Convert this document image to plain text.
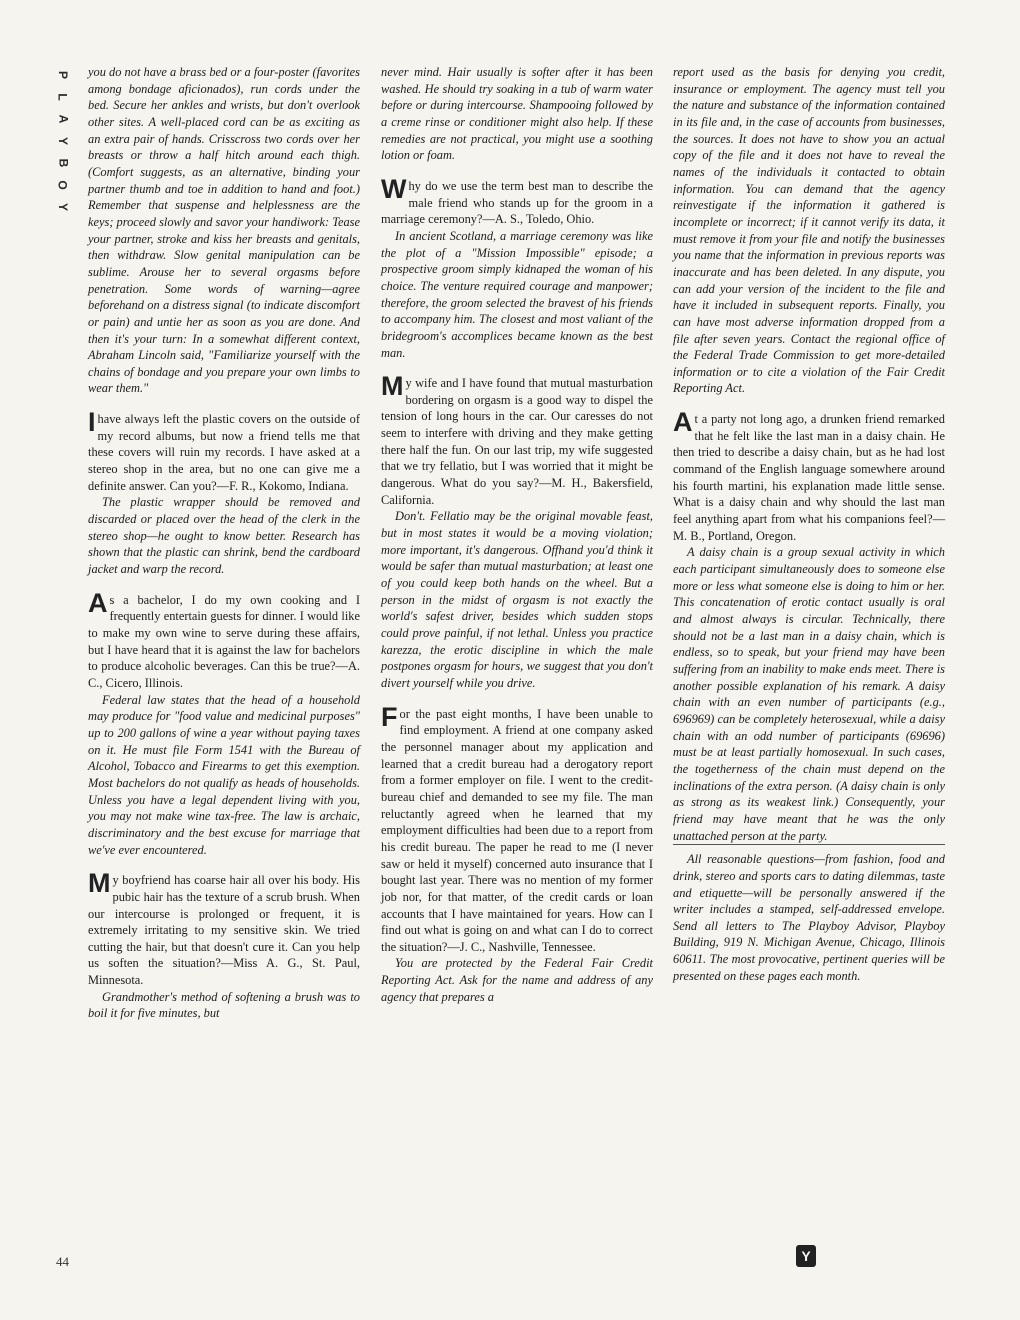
P
L
A
Y
B
O
Y
44

you do not have a brass bed or a four-poster (favorites among bondage aficionados), run cords under the bed. Secure her ankles and wrists, but don't overlook other sites. A well-placed cord can be as exciting as an extra pair of hands. Crisscross two cords over her breasts or throw a half hitch around each thigh. (Comfort suggests, as an alternative, binding your partner thumb and toe in addition to hand and foot.) Remember that suspense and helplessness are the keys; proceed slowly and savor your handiwork: Tease your partner, stroke and kiss her breasts and genitals, then withdraw. Slow genital manipulation can be sublime. Arouse her to several orgasms before penetration. Some words of warning—agree beforehand on a distress signal (to indicate discomfort or pain) and untie her as soon as you are done. And then it's your turn: In a somewhat different context, Abraham Lincoln said, "Familiarize yourself with the chains of bondage and you prepare your own limbs to wear them."

I have always left the plastic covers on the outside of my record albums, but now a friend tells me that these covers will ruin my records. I have asked at a stereo shop in the area, but no one can give me a definite answer. Can you?—F. R., Kokomo, Indiana.

The plastic wrapper should be removed and discarded or placed over the head of the clerk in the stereo shop—he ought to know better. Research has shown that the plastic can shrink, bend the cardboard jacket and warp the record.

As a bachelor, I do my own cooking and I frequently entertain guests for dinner. I would like to make my own wine to serve during these affairs, but I have heard that it is against the law for bachelors to produce alcoholic beverages. Can this be true?—A. C., Cicero, Illinois.

Federal law states that the head of a household may produce for "food value and medicinal purposes" up to 200 gallons of wine a year without paying taxes on it. He must file Form 1541 with the Bureau of Alcohol, Tobacco and Firearms to get this exemption. Most bachelors do not qualify as heads of households. Unless you have a legal dependent living with you, you may not make wine tax-free. The law is archaic, discriminatory and the best excuse for marriage that we've ever encountered.

My boyfriend has coarse hair all over his body. His pubic hair has the texture of a scrub brush. When our intercourse is prolonged or frequent, it is extremely irritating to my sensitive skin. We tried cutting the hair, but that doesn't cure it. Can you help us soften the situation?—Miss A. G., St. Paul, Minnesota.

Grandmother's method of softening a brush was to boil it for five minutes, but

never mind. Hair usually is softer after it has been washed. He should try soaking in a tub of warm water before or during intercourse. Shampooing followed by a creme rinse or conditioner might also help. If these remedies are not practical, you might use a soothing lotion or foam.

Why do we use the term best man to describe the male friend who stands up for the groom in a marriage ceremony?—A. S., Toledo, Ohio.

In ancient Scotland, a marriage ceremony was like the plot of a "Mission Impossible" episode; a prospective groom simply kidnaped the woman of his choice. The venture required courage and manpower; therefore, the groom selected the bravest of his friends to accompany him. The closest and most valiant of the bridegroom's accomplices became known as the best man.

My wife and I have found that mutual masturbation bordering on orgasm is a good way to dispel the tension of long hours in the car. Our caresses do not seem to interfere with driving and they make getting there half the fun. On our last trip, my wife suggested that we try fellatio, but I was worried that it might be dangerous. What do you say?—M. H., Bakersfield, California.

Don't. Fellatio may be the original movable feast, but in most states it would be a moving violation; more important, it's dangerous. Offhand you'd think it would be safer than mutual masturbation; at least one of you could keep both hands on the wheel. But a person in the midst of orgasm is not exactly the world's safest driver, besides which sudden stops could prove painful, if not lethal. Unless you practice karezza, the erotic discipline in which the male postpones orgasm for hours, we suggest that you don't divert yourself while you drive.

For the past eight months, I have been unable to find employment. A friend at one company asked the personnel manager about my application and learned that a credit bureau had a derogatory report from a former employer on file. I went to the credit-bureau chief and demanded to see my file. The man reluctantly agreed when he learned that my employment difficulties had been due to a report from his credit bureau. The paper he read to me (I never saw or held it myself) concerned auto insurance that I bought last year. There was no mention of my former job nor, for that matter, of the credit cards or loan accounts that I have maintained for years. How can I find out what is going on and what can I do to correct the situation?—J. C., Nashville, Tennessee.

You are protected by the Federal Fair Credit Reporting Act. Ask for the name and address of any agency that prepares a

report used as the basis for denying you credit, insurance or employment. The agency must tell you the nature and substance of the information contained in its file and, in the case of accounts from businesses, the sources. It does not have to show you an actual copy of the file and it does not have to reveal the names of the individuals it contacted to obtain information. You can demand that the agency reinvestigate if the information it gathered is incomplete or incorrect; if it cannot verify its data, it must remove it from your file and notify the businesses you name that the information in previous reports was inaccurate and has been deleted. In any dispute, you can add your version of the incident to the file and have it included in subsequent reports. Finally, you can have most adverse information dropped from a file after seven years. Contact the regional office of the Federal Trade Commission to get more-detailed information or to cite a violation of the Fair Credit Reporting Act.

At a party not long ago, a drunken friend remarked that he felt like the last man in a daisy chain. He then tried to describe a daisy chain, but as he had lost command of the English language somewhere around his fourth martini, his explanation made little sense. What is a daisy chain and why should the last man feel anything apart from what his companions feel?—M. B., Portland, Oregon.

A daisy chain is a group sexual activity in which each participant simultaneously does to someone else more or less what someone else is doing to him or her. This concatenation of erotic contact usually is oral and almost always is circular. Technically, there should not be a last man in a daisy chain, which is endless, so to speak, but your friend may have been suffering from an inability to make ends meet. There is another possible explanation of his remark. A daisy chain with an even number of participants (e.g., 696969) can be completely heterosexual, while a daisy chain with an odd number of participants (69696) must be at least partially homosexual. In such cases, the togetherness of the chain must depend on the inclinations of the extra person. (A daisy chain is only as strong as its weakest link.) Consequently, your friend may have meant that he was the only unattached person at the party.

All reasonable questions—from fashion, food and drink, stereo and sports cars to dating dilemmas, taste and etiquette—will be personally answered if the writer includes a stamped, self-addressed envelope. Send all letters to The Playboy Advisor, Playboy Building, 919 N. Michigan Avenue, Chicago, Illinois 60611. The most provocative, pertinent queries will be presented on these pages each month.

Y
